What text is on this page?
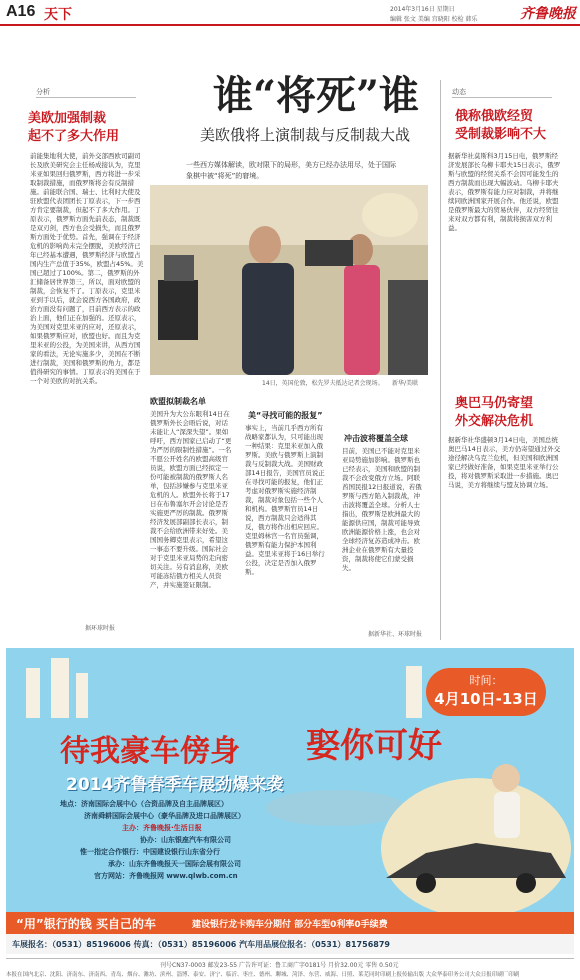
A16 天下	2014年3月16日 星期日
编辑 张文 美编 宫晓阳 校检 韩乐	齐鲁晚报
分析
美欧加强制裁
起不了多大作用
前能集地利大使，前外交部西欧司副司长及欧美研究会主任杨成接认为，克里米亚如果回归俄罗斯，西方将进一步采取制裁措施，而俄罗斯将会有反制措施。前能联合国、瑞士、比利时大使及驻欧盟代表团团长丁原表示，下一步西方肯定要制裁，但起不了多大作用。丁原表示，俄罗斯方面先前表态，制裁既是双刃剑，西方也会受损失，而且俄罗斯方面处于优势。首先，强调在于经济危机的影响尚未完全摆脱，美欧经济已年已经基本遭遇，俄罗斯经济与欧盟占国内生产总值于35%，欧盟占45%。美国已超过了100%。第二，俄罗斯的外汇储备居世界第三，所以，面对欧盟的制裁，会恢复不了。丁原表示，克里米亚到手以后，就会说西方各国政府，政治方面没有问题了，目前西方表示的政治上面，他们正在加强的。还原表示，为美国对克里米亚的应对，还原表示，如果俄罗斯应对，欧盟也好。而且为克里米亚的公投，为美国来讲，从西方国家的看法，无论实施多少，美国在不断进行制裁，美国和俄罗斯的角力，都是值得研究的事情。丁原表示的美国在于一个对美欧的对抗关系。
据环球时报
谁“将死”谁
美欧俄将上演制裁与反制裁大战
一些西方媒体解读，欧对限下的局形，美方已经办法用尽，处于国际象棋中被“将死”的窘境。
14日，英国伦敦，松先罗夫抵达记者会现场。 新华/美联
欧盟拟制裁名单
美国升为大公东眼利14日在俄罗斯外长会晤后说，对话未能让人“深深失望”。果如呼吁，西方国家已启动了“更为严厉的限制性措施”。一名不愿公开姓名的欧盟高级官员说，欧盟方面已经拟定一份可能被制裁的俄罗斯人名单，包括涉嫌参与克里米亚危机的人。欧盟外长将于17日在布鲁塞尔开会讨论是否实施更严厉的制裁。俄罗斯经济发展部副部长表示，制裁不会给欧洲带来好处。美国国务卿克里表示，希望这一事态不要升级。国际社会对于克里米亚局势的走向密切关注。另有消息称，美欧可能冻结俄方相关人员资产，并实施签证限制。
美“寻找可能的报复”
事实上，当前几乎西方所有战略家都认为，只可能出现一种结果：克里米亚加入俄罗斯。美欧与俄罗斯上演制裁与反制裁大战。美国财政部14日报告，美国官员说正在寻找可能的报复，他们正考虑对俄罗斯实施经济制裁，制裁对象包括一些个人和机构。俄罗斯官员14日说，西方制裁只会适得其反，俄方将作出相应回应。克里姆林宫一名官员强调，俄罗斯有能力保护本国利益。克里米亚将于16日举行公投，决定是否加入俄罗斯。
冲击波将覆盖全球
目前，美国已不能对克里米亚局势施加影响。俄罗斯也已经表示，美国和欧盟的制裁不会改变俄方立场。阿联酋国民报12日报道说，若俄罗斯与西方陷入制裁战，冲击波将覆盖全球。分析人士指出，俄罗斯是欧洲最大的能源供应国，制裁可能导致欧洲能源价格上涨，也会对全球经济复苏造成冲击。欧洲企业在俄罗斯有大量投资，制裁将使它们蒙受损失。
据新华社、环球时报
动态
俄称俄欧经贸
受制裁影响不大
据新华社莫斯科3月15日电，俄罗斯经济发展部长乌柳卡耶夫15日表示，俄罗斯与欧盟的经贸关系不会因可能发生的西方制裁而出现大幅波动。乌柳卡耶夫表示，俄罗斯有能力应对制裁，并将继续同欧洲国家开展合作。他还说，欧盟是俄罗斯最大的贸易伙伴，双方经贸往来对双方都有利，制裁将损害双方利益。
奥巴马仍寄望
外交解决危机
据新华社华盛顿3月14日电，美国总统奥巴马14日表示，美方仍寄望通过外交途径解决乌克兰危机，但美国和欧洲国家已经做好准备，如果克里米亚举行公投，将对俄罗斯采取进一步措施。奥巴马说，美方将继续与盟友协调立场。
时间：
4月10日-13日
待我豪车傍身 娶你可好
2014齐鲁春季车展劲爆来袭
地点：济南国际会展中心（合资品牌及自主品牌展区）
济南舜耕国际会展中心（豪华品牌及进口品牌展区）
主办：齐鲁晚报·生活日报
协办：山东银座汽车有限公司
惟一指定合作银行：中国建设银行山东省分行
承办：山东齐鲁晚报天一国际会展有限公司
官方网站：齐鲁晚报网 www.qlwb.com.cn
“用”银行的钱 买自己的车	建设银行龙卡购车分期付 部分车型0利率0手续费
车展报名：（0531）85196006 传真：（0531）85196006 汽车用品展位报名：（0531）81756879
刊号CN37-0003 邮发23-55 广告许可证：鲁工商广字0181号 月价32.00元 零售 0.50元
本报在国内北京、沈阳、济南东、济南西、青岛、烟台、潍坊、滨州、淄博、泰安、济宁、临沂、枣庄、德州、聊城、菏泽、东营、威海、日照、莱芜同时印刷上报传输出版 大众华泰印务公司大众日报印刷厂印刷
